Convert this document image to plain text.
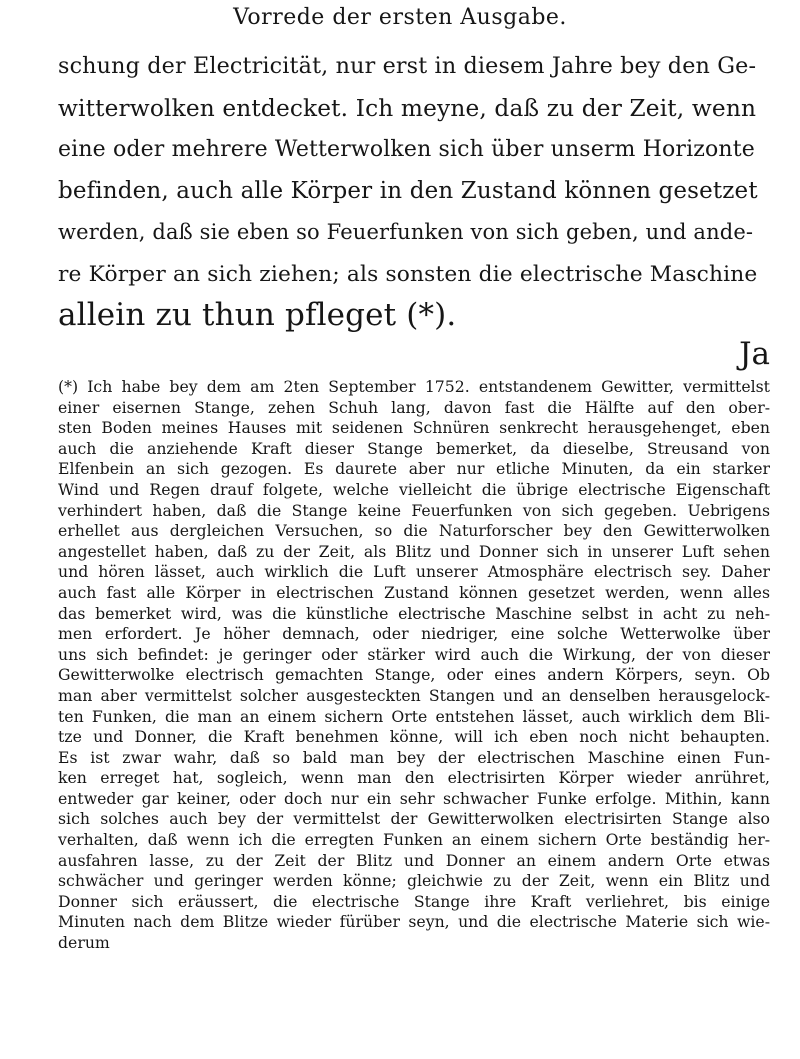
Vorrede der ersten Ausgabe.
schung der Electricität, nur erst in diesem Jahre bey den Ge-
witterwolken entdecket. Ich meyne, daß zu der Zeit, wenn
eine oder mehrere Wetterwolken sich über unserm Horizonte
befinden, auch alle Körper in den Zustand können gesetzet
werden, daß sie eben so Feuerfunken von sich geben, und ande-
re Körper an sich ziehen; als sonsten die electrische Maschine
allein zu thun pfleget (*).
Ja
(*) Ich habe bey dem am 2ten September 1752. entstandenem Gewitter, vermittelst
einer eisernen Stange, zehen Schuh lang, davon fast die Hälfte auf den ober-
sten Boden meines Hauses mit seidenen Schnüren senkrecht herausgehenget, eben
auch die anziehende Kraft dieser Stange bemerket, da dieselbe, Streusand von
Elfenbein an sich gezogen. Es daurete aber nur etliche Minuten, da ein starker
Wind und Regen drauf folgete, welche vielleicht die übrige electrische Eigenschaft
verhindert haben, daß die Stange keine Feuerfunken von sich gegeben. Uebrigens
erhellet aus dergleichen Versuchen, so die Naturforscher bey den Gewitterwolken
angestellet haben, daß zu der Zeit, als Blitz und Donner sich in unserer Luft sehen
und hören lässet, auch wirklich die Luft unserer Atmosphäre electrisch sey. Daher
auch fast alle Körper in electrischen Zustand können gesetzet werden, wenn alles
das bemerket wird, was die künstliche electrische Maschine selbst in acht zu neh-
men erfordert. Je höher demnach, oder niedriger, eine solche Wetterwolke über
uns sich befindet: je geringer oder stärker wird auch die Wirkung, der von dieser
Gewitterwolke electrisch gemachten Stange, oder eines andern Körpers, seyn. Ob
man aber vermittelst solcher ausgesteckten Stangen und an denselben herausgelock-
ten Funken, die man an einem sichern Orte entstehen lässet, auch wirklich dem Bli-
tze und Donner, die Kraft benehmen könne, will ich eben noch nicht behaupten.
Es ist zwar wahr, daß so bald man bey der electrischen Maschine einen Fun-
ken erreget hat, sogleich, wenn man den electrisirten Körper wieder anrühret,
entweder gar keiner, oder doch nur ein sehr schwacher Funke erfolge. Mithin, kann
sich solches auch bey der vermittelst der Gewitterwolken electrisirten Stange also
verhalten, daß wenn ich die erregten Funken an einem sichern Orte beständig her-
ausfahren lasse, zu der Zeit der Blitz und Donner an einem andern Orte etwas
schwächer und geringer werden könne; gleichwie zu der Zeit, wenn ein Blitz und
Donner sich eräussert, die electrische Stange ihre Kraft verliehret, bis einige
Minuten nach dem Blitze wieder fürüber seyn, und die electrische Materie sich wie-
derum
